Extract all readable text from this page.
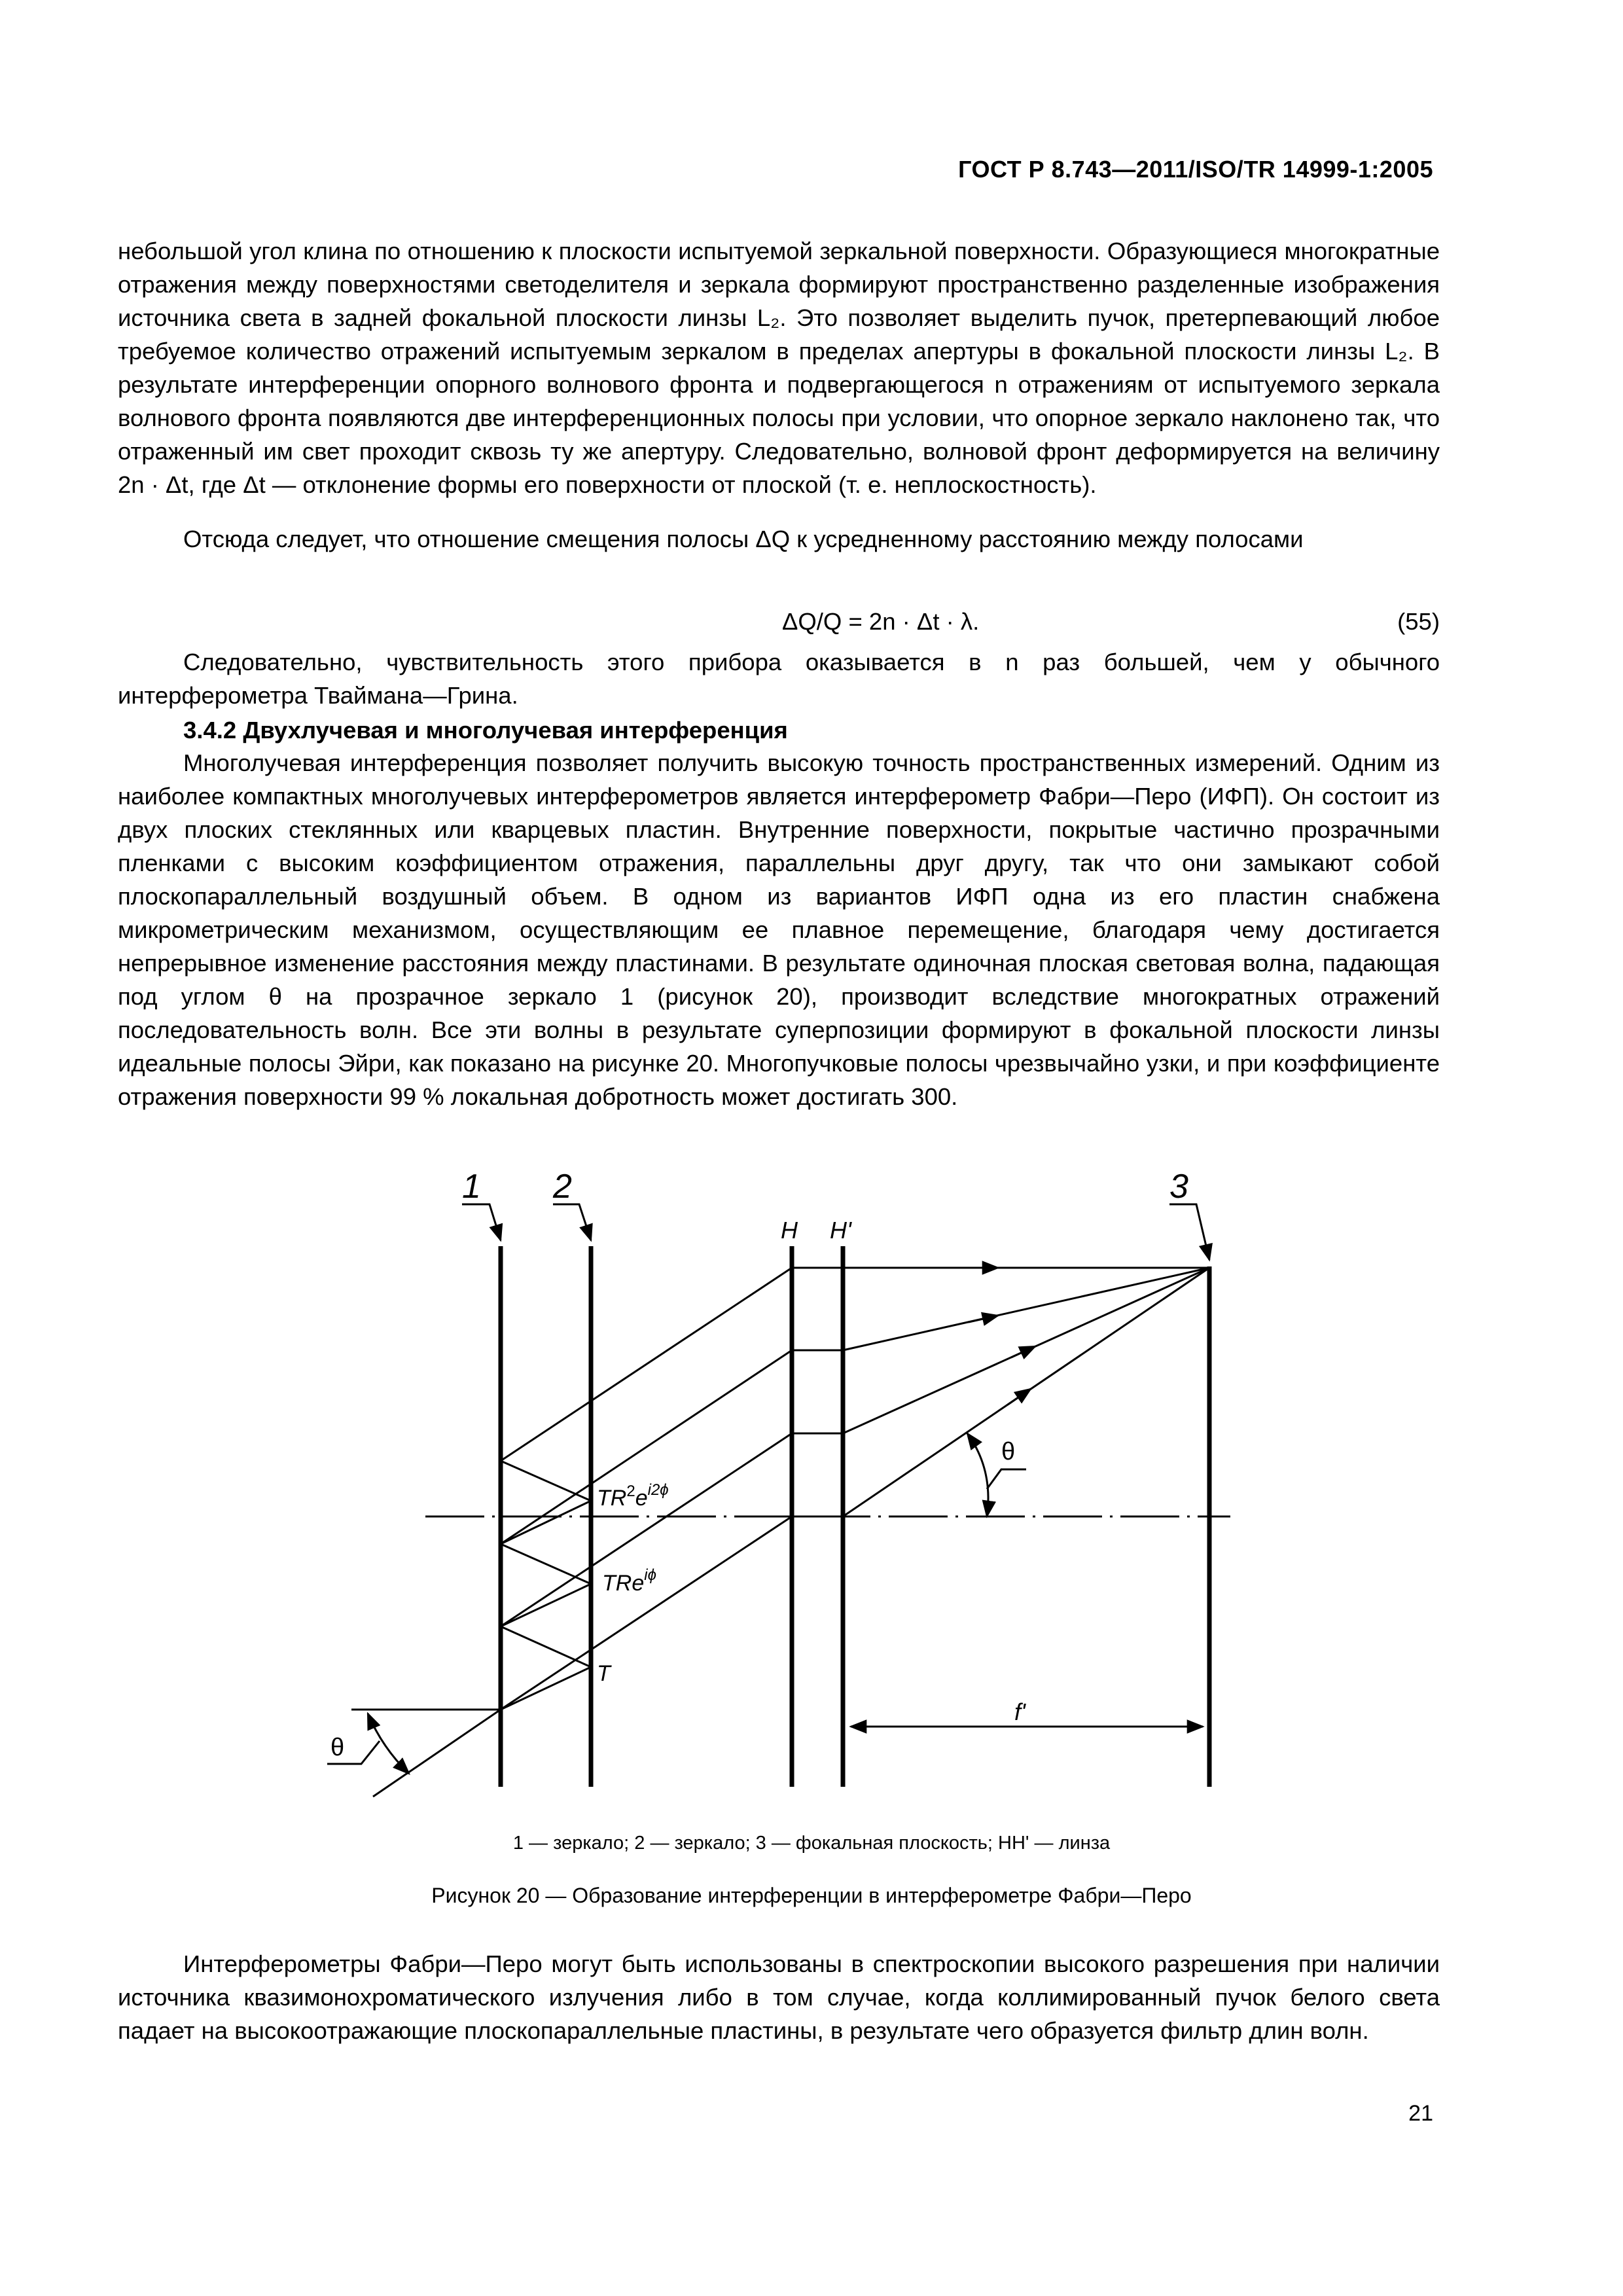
ГОСТ Р 8.743—2011/ISO/TR 14999-1:2005
небольшой угол клина по отношению к плоскости испытуемой зеркальной поверхности. Образующиеся многократные отражения между поверхностями светоделителя и зеркала формируют пространственно разделенные изображения источника света в задней фокальной плоскости линзы L₂. Это позволяет выделить пучок, претерпевающий любое требуемое количество отражений испытуемым зеркалом в пределах апертуры в фокальной плоскости линзы L₂. В результате интерференции опорного волнового фронта и подвергающегося n отражениям от испытуемого зеркала волнового фронта появляются две интерференционных полосы при условии, что опорное зеркало наклонено так, что отраженный им свет проходит сквозь ту же апертуру. Следовательно, волновой фронт деформируется на величину 2n · Δt, где Δt — отклонение формы его поверхности от плоской (т. е. неплоскостность).
Отсюда следует, что отношение смещения полосы ΔQ к усредненному расстоянию между полосами
ΔQ/Q = 2n · Δt · λ.	(55)
Следовательно, чувствительность этого прибора оказывается в n раз большей, чем у обычного интерферометра Тваймана—Грина.
3.4.2 Двухлучевая и многолучевая интерференция
Многолучевая интерференция позволяет получить высокую точность пространственных измерений. Одним из наиболее компактных многолучевых интерферометров является интерферометр Фабри—Перо (ИФП). Он состоит из двух плоских стеклянных или кварцевых пластин. Внутренние поверхности, покрытые частично прозрачными пленками с высоким коэффициентом отражения, параллельны друг другу, так что они замыкают собой плоскопараллельный воздушный объем. В одном из вариантов ИФП одна из его пластин снабжена микрометрическим механизмом, осуществляющим ее плавное перемещение, благодаря чему достигается непрерывное изменение расстояния между пластинами. В результате одиночная плоская световая волна, падающая под углом θ на прозрачное зеркало 1 (рисунок 20), производит вследствие многократных отражений последовательность волн. Все эти волны в результате суперпозиции формируют в фокальной плоскости линзы идеальные полосы Эйри, как показано на рисунке 20. Многопучковые полосы чрезвычайно узки, и при коэффициенте отражения поверхности 99 % локальная добротность может достигать 300.
1 2	3
H H'
$TR^2e^{i2\phi}$
TRe$^{i\phi}$
T
θ
θ
f'
1 — зеркало; 2 — зеркало; 3 — фокальная плоскость; HH' — линза
Рисунок 20 — Образование интерференции в интерферометре Фабри—Перо
Интерферометры Фабри—Перо могут быть использованы в спектроскопии высокого разрешения при наличии источника квазимонохроматического излучения либо в том случае, когда коллимированный пучок белого света падает на высокоотражающие плоскопараллельные пластины, в результате чего образуется фильтр длин волн.
21
